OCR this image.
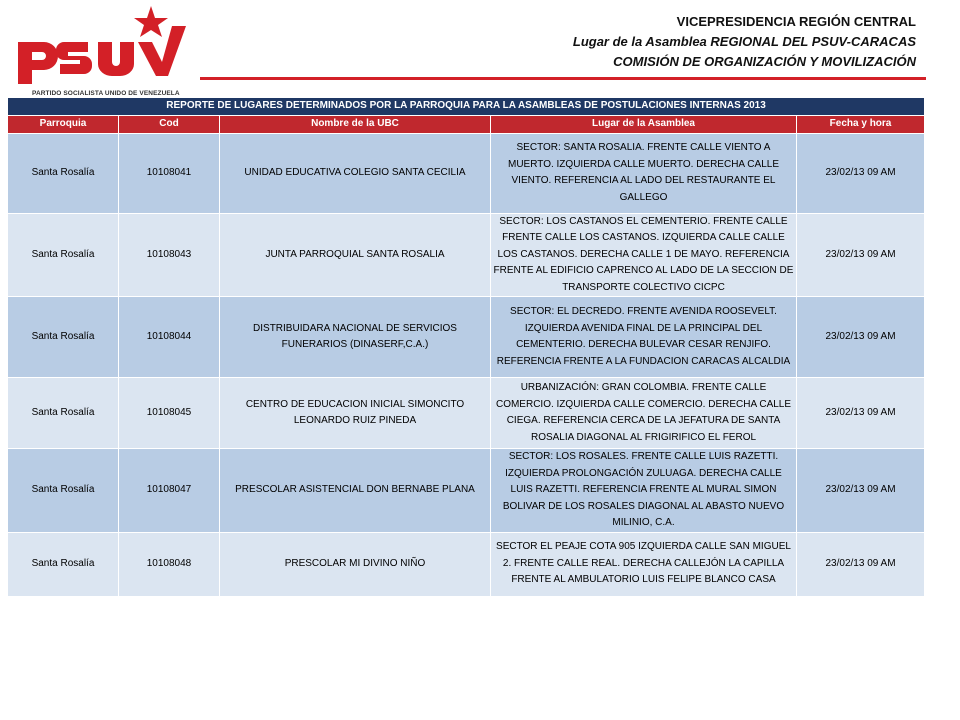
PARTIDO SOCIALISTA UNIDO DE VENEZUELA
VICEPRESIDENCIA REGIÓN CENTRAL
Lugar de la Asamblea REGIONAL DEL PSUV-CARACAS
COMISIÓN DE ORGANIZACIÓN Y MOVILIZACIÓN
REPORTE DE LUGARES DETERMINADOS POR LA PARROQUIA PARA LA ASAMBLEAS DE POSTULACIONES INTERNAS 2013				
Parroquia	Cod	Nombre de la UBC	Lugar de la Asamblea	Fecha y hora
Santa Rosalía	10108041	UNIDAD EDUCATIVA COLEGIO SANTA CECILIA	SECTOR: SANTA ROSALIA. FRENTE CALLE VIENTO A MUERTO. IZQUIERDA CALLE MUERTO. DERECHA CALLE VIENTO. REFERENCIA AL LADO DEL RESTAURANTE EL GALLEGO	23/02/13 09 AM
Santa Rosalía	10108043	JUNTA PARROQUIAL SANTA ROSALIA	SECTOR: LOS CASTANOS EL CEMENTERIO. FRENTE CALLE FRENTE CALLE LOS CASTANOS. IZQUIERDA CALLE CALLE LOS CASTANOS. DERECHA CALLE 1 DE MAYO. REFERENCIA FRENTE AL EDIFICIO CAPRENCO AL LADO DE LA SECCION DE TRANSPORTE COLECTIVO CICPC	23/02/13 09 AM
Santa Rosalía	10108044	DISTRIBUIDARA NACIONAL DE SERVICIOS FUNERARIOS (DINASERF,C.A.)	SECTOR: EL DECREDO. FRENTE AVENIDA ROOSEVELT. IZQUIERDA AVENIDA FINAL DE LA PRINCIPAL DEL CEMENTERIO. DERECHA BULEVAR CESAR RENJIFO. REFERENCIA FRENTE A LA FUNDACION CARACAS ALCALDIA	23/02/13 09 AM
Santa Rosalía	10108045	CENTRO DE EDUCACION INICIAL SIMONCITO LEONARDO RUIZ PINEDA	URBANIZACIÓN: GRAN COLOMBIA. FRENTE CALLE COMERCIO. IZQUIERDA CALLE COMERCIO. DERECHA CALLE CIEGA. REFERENCIA CERCA DE LA JEFATURA DE SANTA ROSALIA DIAGONAL AL FRIGIRIFICO EL FEROL	23/02/13 09 AM
Santa Rosalía	10108047	PRESCOLAR ASISTENCIAL DON BERNABE PLANA	SECTOR: LOS ROSALES. FRENTE CALLE LUIS RAZETTI. IZQUIERDA PROLONGACIÓN ZULUAGA. DERECHA CALLE LUIS RAZETTI. REFERENCIA FRENTE AL MURAL SIMON BOLIVAR DE LOS ROSALES DIAGONAL AL ABASTO NUEVO MILINIO, C.A.	23/02/13 09 AM
Santa Rosalía	10108048	PRESCOLAR MI DIVINO NIÑO	SECTOR EL PEAJE COTA 905 IZQUIERDA CALLE SAN MIGUEL 2. FRENTE CALLE REAL. DERECHA CALLEJÓN LA CAPILLA FRENTE AL AMBULATORIO LUIS FELIPE BLANCO CASA	23/02/13 09 AM
